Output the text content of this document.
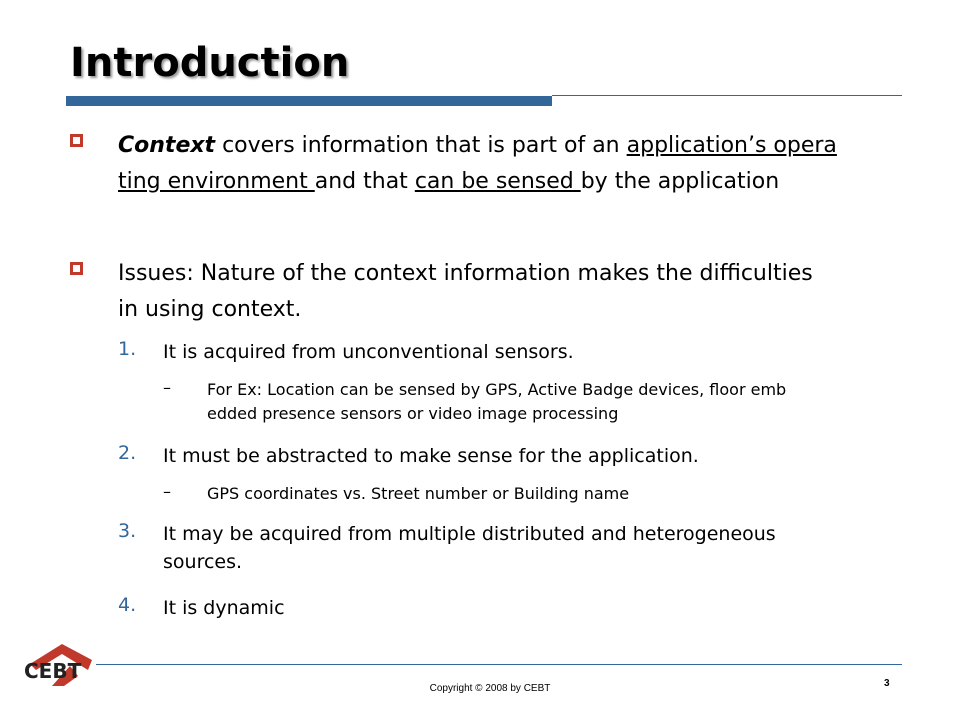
Introduction
Context covers information that is part of an application’s opera
ting environment and that can be sensed by the application
Issues: Nature of the context information makes the difficulties
in using context.
1. It is acquired from unconventional sensors.
– For Ex: Location can be sensed by GPS, Active Badge devices, floor emb
edded presence sensors or video image processing
2. It must be abstracted to make sense for the application.
– GPS coordinates vs. Street number or Building name
3. It may be acquired from multiple distributed and heterogeneous
sources.
4. It is dynamic
CEBT
Copyright © 2008 by CEBT	3
